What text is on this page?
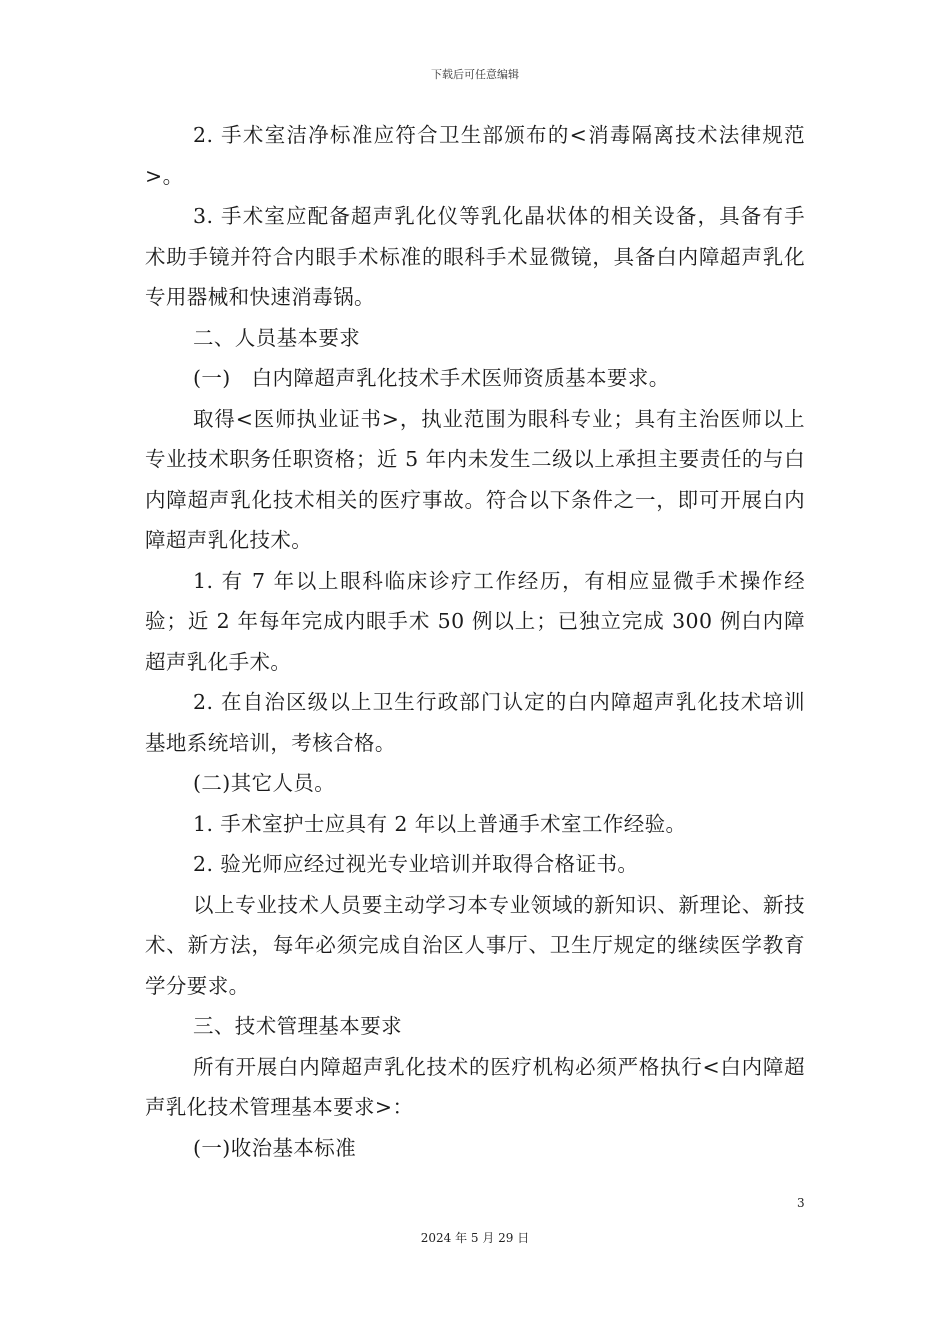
下载后可任意编辑

2. 手术室洁净标准应符合卫生部颁布的<消毒隔离技术法律规范>。

3. 手术室应配备超声乳化仪等乳化晶状体的相关设备，具备有手术助手镜并符合内眼手术标准的眼科手术显微镜，具备白内障超声乳化专用器械和快速消毒锅。

二、人员基本要求

(一)　白内障超声乳化技术手术医师资质基本要求。

取得<医师执业证书>，执业范围为眼科专业；具有主治医师以上专业技术职务任职资格；近 5 年内未发生二级以上承担主要责任的与白内障超声乳化技术相关的医疗事故。符合以下条件之一，即可开展白内障超声乳化技术。

1. 有 7 年以上眼科临床诊疗工作经历，有相应显微手术操作经验；近 2 年每年完成内眼手术 50 例以上；已独立完成 300 例白内障超声乳化手术。

2. 在自治区级以上卫生行政部门认定的白内障超声乳化技术培训基地系统培训，考核合格。

(二)其它人员。

1. 手术室护士应具有 2 年以上普通手术室工作经验。

2. 验光师应经过视光专业培训并取得合格证书。

以上专业技术人员要主动学习本专业领域的新知识、新理论、新技术、新方法，每年必须完成自治区人事厅、卫生厅规定的继续医学教育学分要求。

三、技术管理基本要求

所有开展白内障超声乳化技术的医疗机构必须严格执行<白内障超声乳化技术管理基本要求>：

(一)收治基本标准

3
2024 年 5 月 29 日
